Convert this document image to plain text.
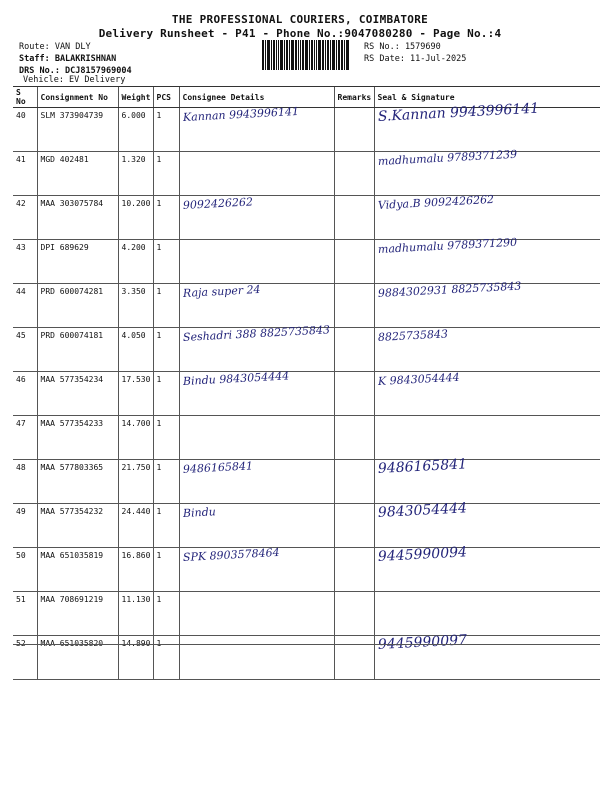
THE PROFESSIONAL COURIERS, COIMBATORE
Delivery Runsheet - P41 - Phone No.:9047080280 - Page No.:4
Route: VAN DLY
Staff: BALAKRISHNAN
DRS No.: DCJ8157969004
Vehicle: EV Delivery
RS No.: 1579690
RS Date: 11-Jul-2025
S No	Consignment No	Weight	PCS	Consignee Details	Remarks	Seal & Signature
40	SLM 373904739	6.000	1	Kannan 9943996141		S.Kannan 9943996141

41	MGD 402481	1.320	1			madhumalu 9789371239

42	MAA 303075784	10.200	1	9092426262		Vidya.B 9092426262

43	DPI 689629	4.200	1			madhumalu 9789371290

44	PRD 600074281	3.350	1	Raja super 24		9884302931 8825735843

45	PRD 600074181	4.050	1	Seshadri 388 8825735843		8825735843

46	MAA 577354234	17.530	1	Bindu 9843054444		K 9843054444

47	MAA 577354233	14.700	1	

48	MAA 577803365	21.750	1	9486165841		9486165841

49	MAA 577354232	24.440	1	Bindu		9843054444

50	MAA 651035819	16.860	1	SPK 8903578464		9445990094

51	MAA 708691219	11.130	1	

52	MAA 651035820	14.890	1			9445990097
